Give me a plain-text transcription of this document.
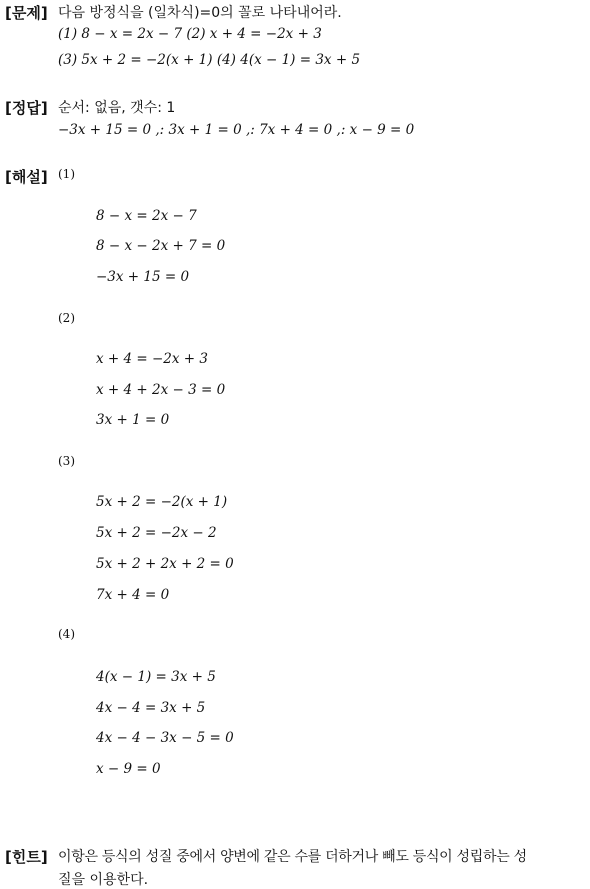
[문제] 다음 방정식을 (일차식)=0의 꼴로 나타내어라.
(1) 8 − x = 2x − 7 (2) x + 4 = −2x + 3
(3) 5x + 2 = −2(x + 1) (4) 4(x − 1) = 3x + 5
[정답] 순서: 없음, 갯수: 1
−3x + 15 = 0 ,: 3x + 1 = 0 ,: 7x + 4 = 0 ,: x − 9 = 0
[해설] (1)
8 − x = 2x − 7
8 − x − 2x + 7 = 0
−3x + 15 = 0
(2)
x + 4 = −2x + 3
x + 4 + 2x − 3 = 0
3x + 1 = 0
(3)
5x + 2 = −2(x + 1)
5x + 2 = −2x − 2
5x + 2 + 2x + 2 = 0
7x + 4 = 0
(4)
4(x − 1) = 3x + 5
4x − 4 = 3x + 5
4x − 4 − 3x − 5 = 0
x − 9 = 0
[힌트] 이항은 등식의 성질 중에서 양변에 같은 수를 더하거나 빼도 등식이 성립하는 성
질을 이용한다.
